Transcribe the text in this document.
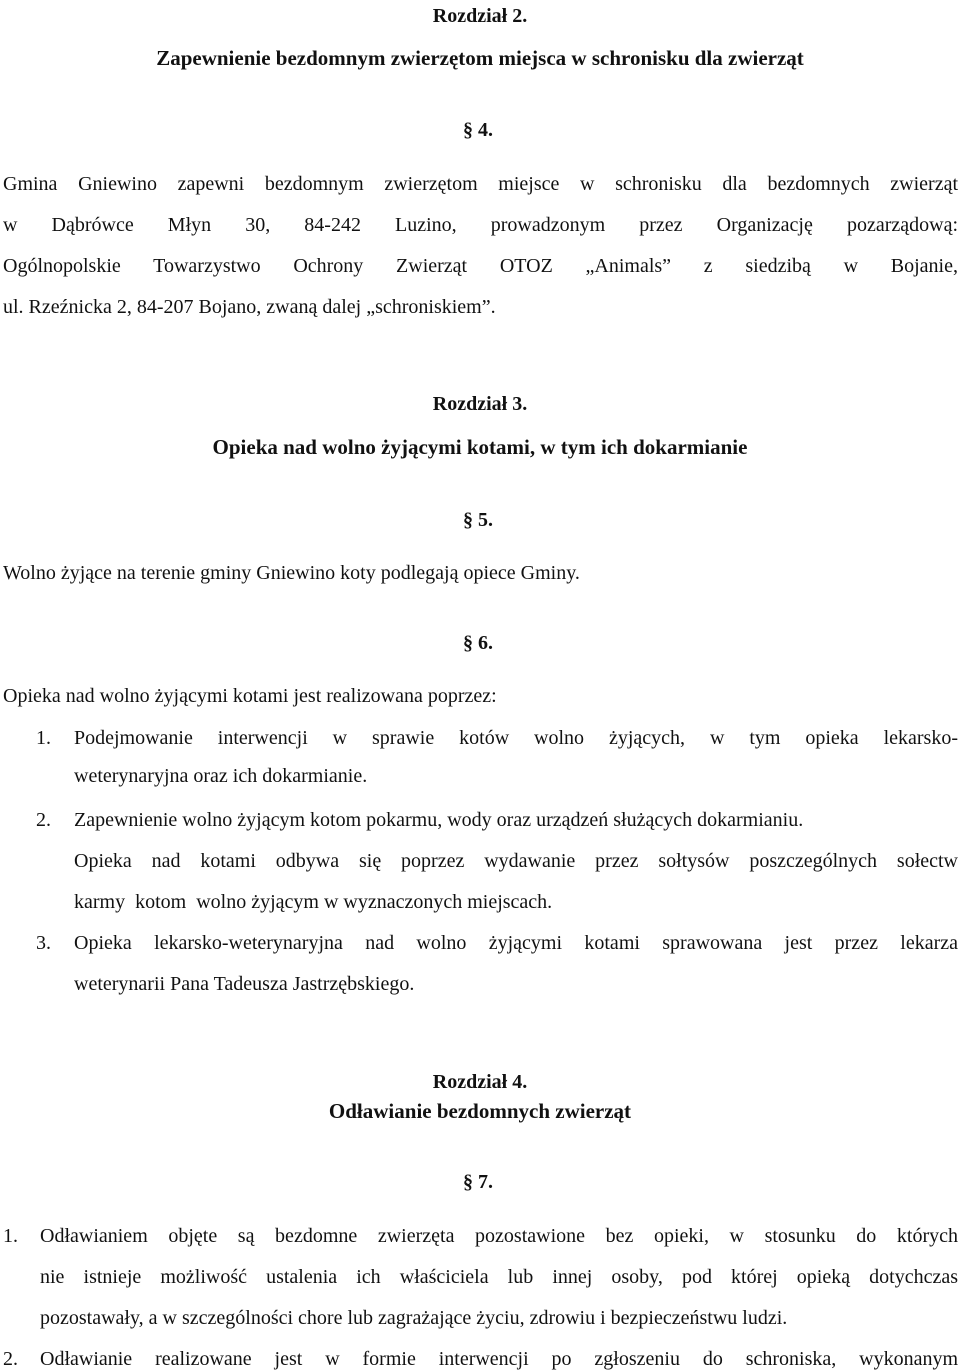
Rozdział 2.
Zapewnienie bezdomnym zwierzętom miejsca w schronisku dla zwierząt
§ 4.
Gmina Gniewino zapewni bezdomnym zwierzętom miejsce w schronisku dla bezdomnych zwierząt
w Dąbrówce Młyn 30, 84-242 Luzino, prowadzonym przez Organizację pozarządową:
Ogólnopolskie Towarzystwo Ochrony Zwierząt OTOZ „Animals” z siedzibą w Bojanie,
ul. Rzeźnicka 2, 84-207 Bojano, zwaną dalej „schroniskiem”.
Rozdział 3.
Opieka nad wolno żyjącymi kotami, w tym ich dokarmianie
§ 5.
Wolno żyjące na terenie gminy Gniewino koty podlegają opiece Gminy.
§ 6.
Opieka nad wolno żyjącymi kotami jest realizowana poprzez:
1. Podejmowanie interwencji w sprawie kotów wolno żyjących, w tym opieka lekarsko-
weterynaryjna oraz ich dokarmianie.
2. Zapewnienie wolno żyjącym kotom pokarmu, wody oraz urządzeń służących dokarmianiu.
Opieka nad kotami odbywa się poprzez wydawanie przez sołtysów poszczególnych sołectw
karmy  kotom  wolno żyjącym w wyznaczonych miejscach.
3. Opieka lekarsko-weterynaryjna nad wolno żyjącymi kotami sprawowana jest przez lekarza
weterynarii Pana Tadeusza Jastrzębskiego.
Rozdział 4.
Odławianie bezdomnych zwierząt
§ 7.
1. Odławianiem objęte są bezdomne zwierzęta pozostawione bez opieki, w stosunku do których
nie istnieje możliwość ustalenia ich właściciela lub innej osoby, pod której opieką dotychczas
pozostawały, a w szczególności chore lub zagrażające życiu, zdrowiu i bezpieczeństwu ludzi.
2. Odławianie realizowane jest w formie interwencji po zgłoszeniu do schroniska, wykonanym
